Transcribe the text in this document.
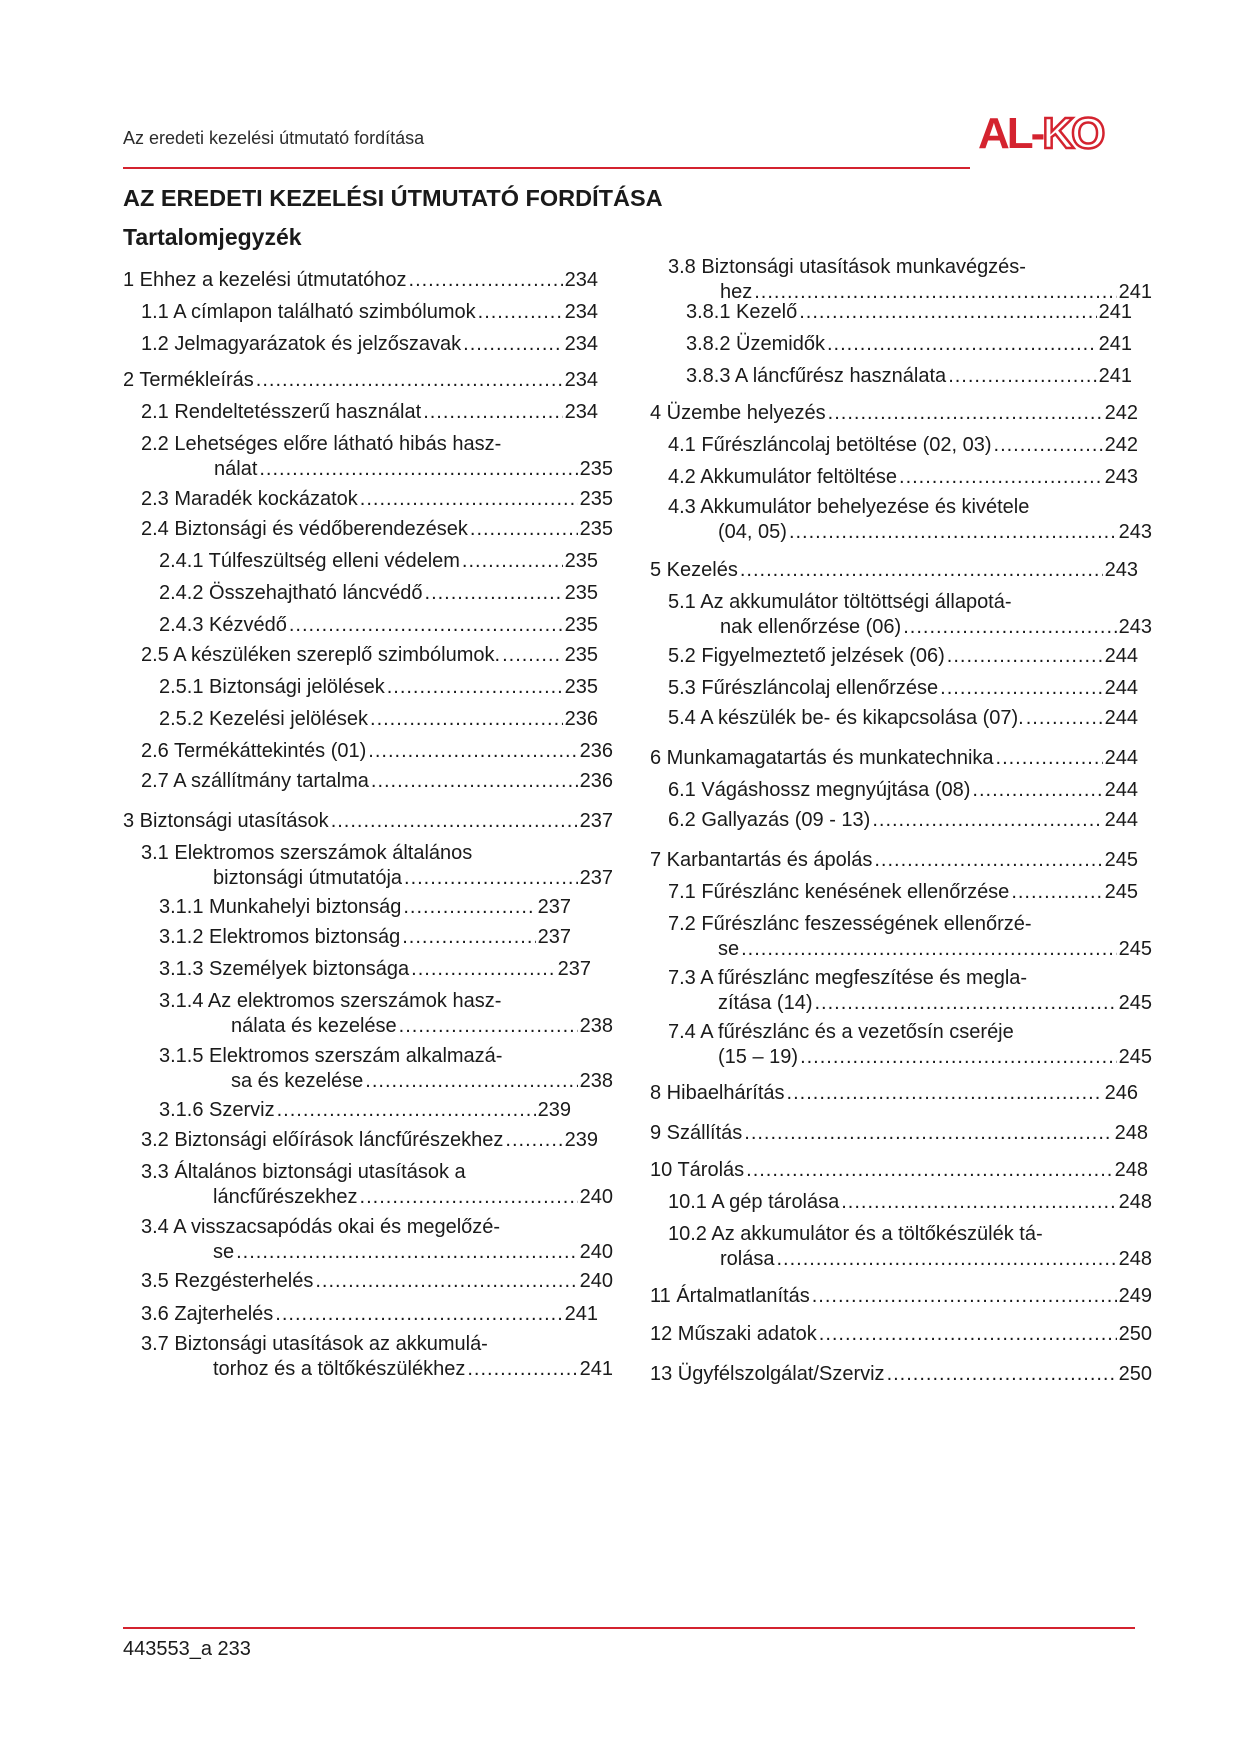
Az eredeti kezelési útmutató fordítása	AL-KO
AZ EREDETI KEZELÉSI ÚTMUTATÓ FORDÍTÁSA
Tartalomjegyzék
1 Ehhez a kezelési útmutatóhoz .....	234
1.1 A címlapon található szimbólumok .....	234
1.2 Jelmagyarázatok és jelzőszavak .....	234
2 Termékleírás .....	234
2.1 Rendeltetésszerű használat .....	234
2.2 Lehetséges előre látható hibás hasz-
nálat .....	235
2.3 Maradék kockázatok .....	235
2.4 Biztonsági és védőberendezések .....	235
2.4.1 Túlfeszültség elleni védelem .....	235
2.4.2 Összehajtható láncvédő .....	235
2.4.3 Kézvédő .....	235
2.5 A készüléken szereplő szimbólumok. .....	235
2.5.1 Biztonsági jelölések .....	235
2.5.2 Kezelési jelölések .....	236
2.6 Termékáttekintés (01) .....	236
2.7 A szállítmány tartalma .....	236
3 Biztonsági utasítások .....	237
3.1 Elektromos szerszámok általános
biztonsági útmutatója .....	237
3.1.1 Munkahelyi biztonság .....	237
3.1.2 Elektromos biztonság .....	237
3.1.3 Személyek biztonsága .....	237
3.1.4 Az elektromos szerszámok hasz-
nálata és kezelése .....	238
3.1.5 Elektromos szerszám alkalmazá-
sa és kezelése .....	238
3.1.6 Szerviz .....	239
3.2 Biztonsági előírások láncfűrészekhez .....	239
3.3 Általános biztonsági utasítások a
láncfűrészekhez .....	240
3.4 A visszacsapódás okai és megelőzé-
se .....	240
3.5 Rezgésterhelés .....	240
3.6 Zajterhelés .....	241
3.7 Biztonsági utasítások az akkumulá-
torhoz és a töltőkészülékhez .....	241
3.8 Biztonsági utasítások munkavégzés-
hez .....	241
3.8.1 Kezelő .....	241
3.8.2 Üzemidők .....	241
3.8.3 A láncfűrész használata .....	241
4 Üzembe helyezés .....	242
4.1 Fűrészláncolaj betöltése (02, 03) .....	242
4.2 Akkumulátor feltöltése .....	243
4.3 Akkumulátor behelyezése és kivétele
(04, 05) .....	243
5 Kezelés .....	243
5.1 Az akkumulátor töltöttségi állapotá-
nak ellenőrzése (06) .....	243
5.2 Figyelmeztető jelzések (06) .....	244
5.3 Fűrészláncolaj ellenőrzése .....	244
5.4 A készülék be- és kikapcsolása (07). .....	244
6 Munkamagatartás és munkatechnika .....	244
6.1 Vágáshossz megnyújtása (08) .....	244
6.2 Gallyazás (09 - 13) .....	244
7 Karbantartás és ápolás .....	245
7.1 Fűrészlánc kenésének ellenőrzése .....	245
7.2 Fűrészlánc feszességének ellenőrzé-
se .....	245
7.3 A fűrészlánc megfeszítése és megla-
zítása (14) .....	245
7.4 A fűrészlánc és a vezetősín cseréje
(15 – 19) .....	245
8 Hibaelhárítás .....	246
9 Szállítás .....	248
10 Tárolás .....	248
10.1 A gép tárolása .....	248
10.2 Az akkumulátor és a töltőkészülék tá-
rolása .....	248
11 Ártalmatlanítás .....	249
12 Műszaki adatok .....	250
13 Ügyfélszolgálat/Szerviz .....	250
443553_a 233
